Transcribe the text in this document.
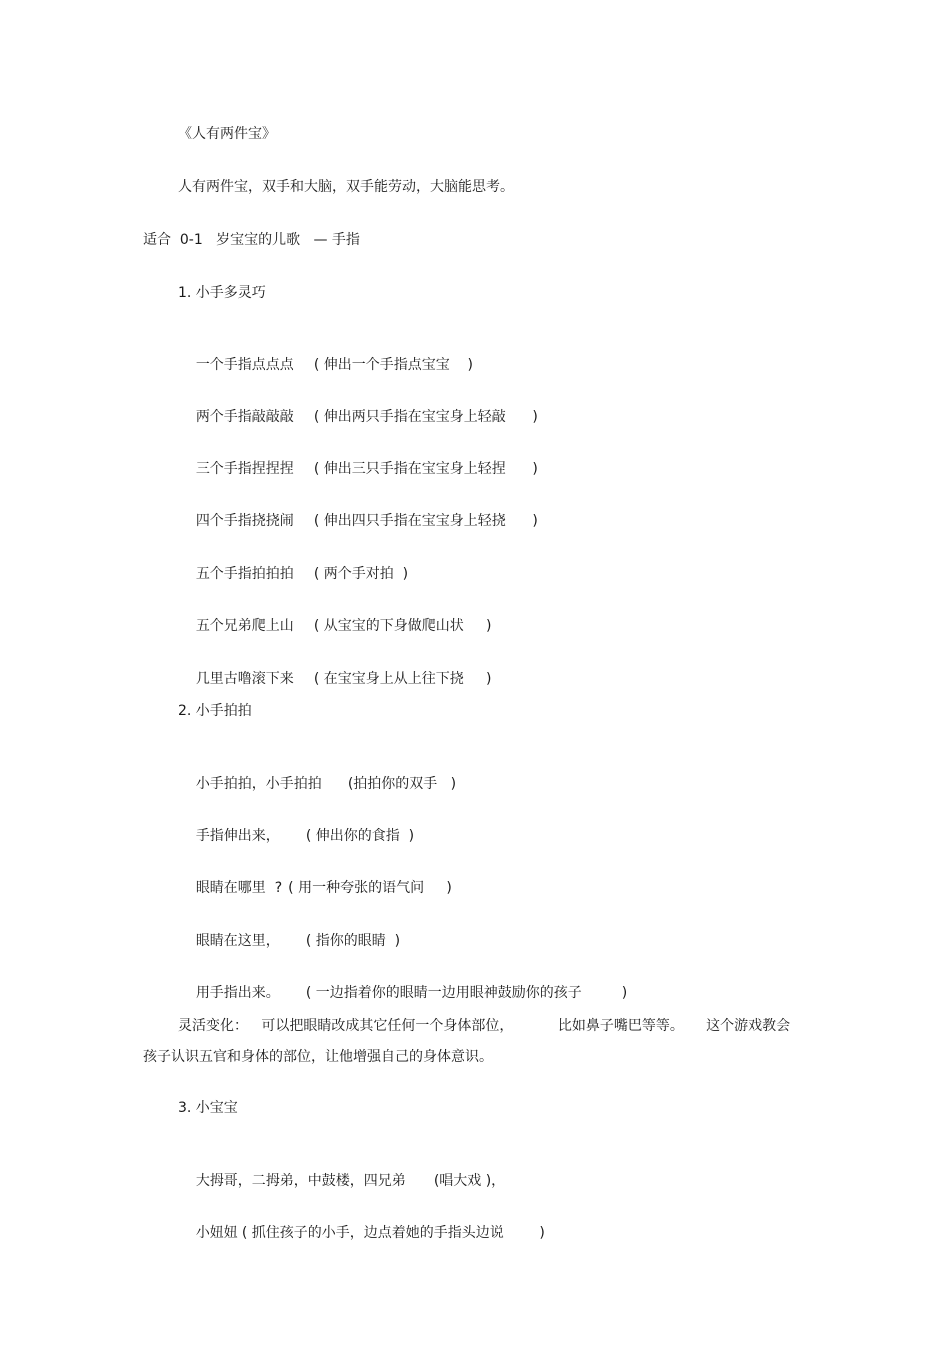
《人有两件宝》
人有两件宝，双手和大脑，双手能劳动，大脑能思考。
适合  0-1   岁宝宝的儿歌   — 手指
1. 小手多灵巧

一个手指点点点 ( 伸出一个手指点宝宝    )

两个手指敲敲敲 ( 伸出两只手指在宝宝身上轻敲      )

三个手指捏捏捏 ( 伸出三只手指在宝宝身上轻捏      )

四个手指挠挠闹 ( 伸出四只手指在宝宝身上轻挠      )

五个手指拍拍拍 ( 两个手对拍  )

五个兄弟爬上山 ( 从宝宝的下身做爬山状     )

几里古噜滚下来 ( 在宝宝身上从上往下挠     )

2. 小手拍拍

小手拍拍，小手拍拍 (拍拍你的双手   )

手指伸出来， ( 伸出你的食指  )

眼睛在哪里  ? ( 用一种夸张的语气问     )

眼睛在这里， ( 指你的眼睛  )

用手指出来。 ( 一边指着你的眼睛一边用眼神鼓励你的孩子         )

灵活变化：   可以把眼睛改成其它任何一个身体部位，          比如鼻子嘴巴等等。     这个游戏教会
孩子认识五官和身体的部位，让他增强自己的身体意识。
3. 小宝宝

大拇哥，二拇弟，中鼓楼，四兄弟 (唱大戏 )，

小妞妞 ( 抓住孩子的小手，边点着她的手指头边说        )
